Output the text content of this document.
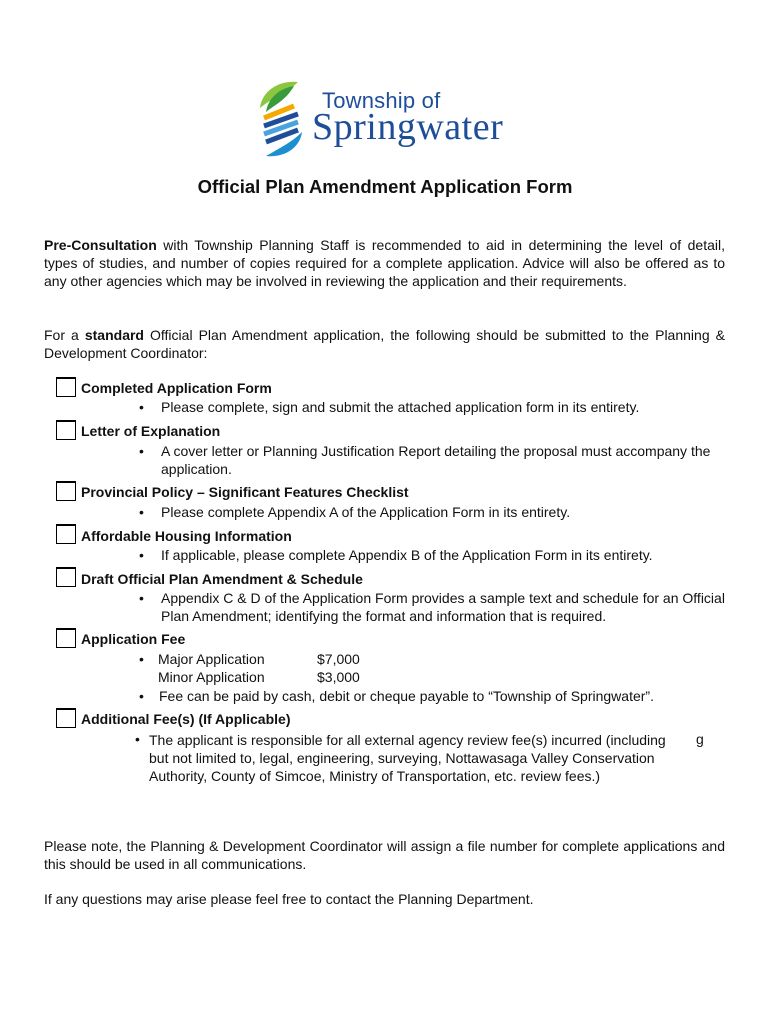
Township of
Springwater
Official Plan Amendment Application Form
Pre-Consultation with Township Planning Staff is recommended to aid in determining the level of detail, types of studies, and number of copies required for a complete application. Advice will also be offered as to any other agencies which may be involved in reviewing the application and their requirements.
For a standard Official Plan Amendment application, the following should be submitted to the Planning & Development Coordinator:
Completed Application Form
• Please complete, sign and submit the attached application form in its entirety.
Letter of Explanation
• A cover letter or Planning Justification Report detailing the proposal must accompany the application.
Provincial Policy – Significant Features Checklist
• Please complete Appendix A of the Application Form in its entirety.
Affordable Housing Information
• If applicable, please complete Appendix B of the Application Form in its entirety.
Draft Official Plan Amendment & Schedule
• Appendix C & D of the Application Form provides a sample text and schedule for an Official Plan Amendment; identifying the format and information that is required.
Application Fee
• Major Application	$7,000
Minor Application	$3,000
• Fee can be paid by cash, debit or cheque payable to “Township of Springwater”.
Additional Fee(s) (If Applicable)
• The applicant is responsible for all external agency review fee(s) incurred (including but not limited to, legal, engineering, surveying, Nottawasaga Valley Conservation Authority, County of Simcoe, Ministry of Transportation, etc. review fees.)
g
Please note, the Planning & Development Coordinator will assign a file number for complete applications and this should be used in all communications.
If any questions may arise please feel free to contact the Planning Department.
